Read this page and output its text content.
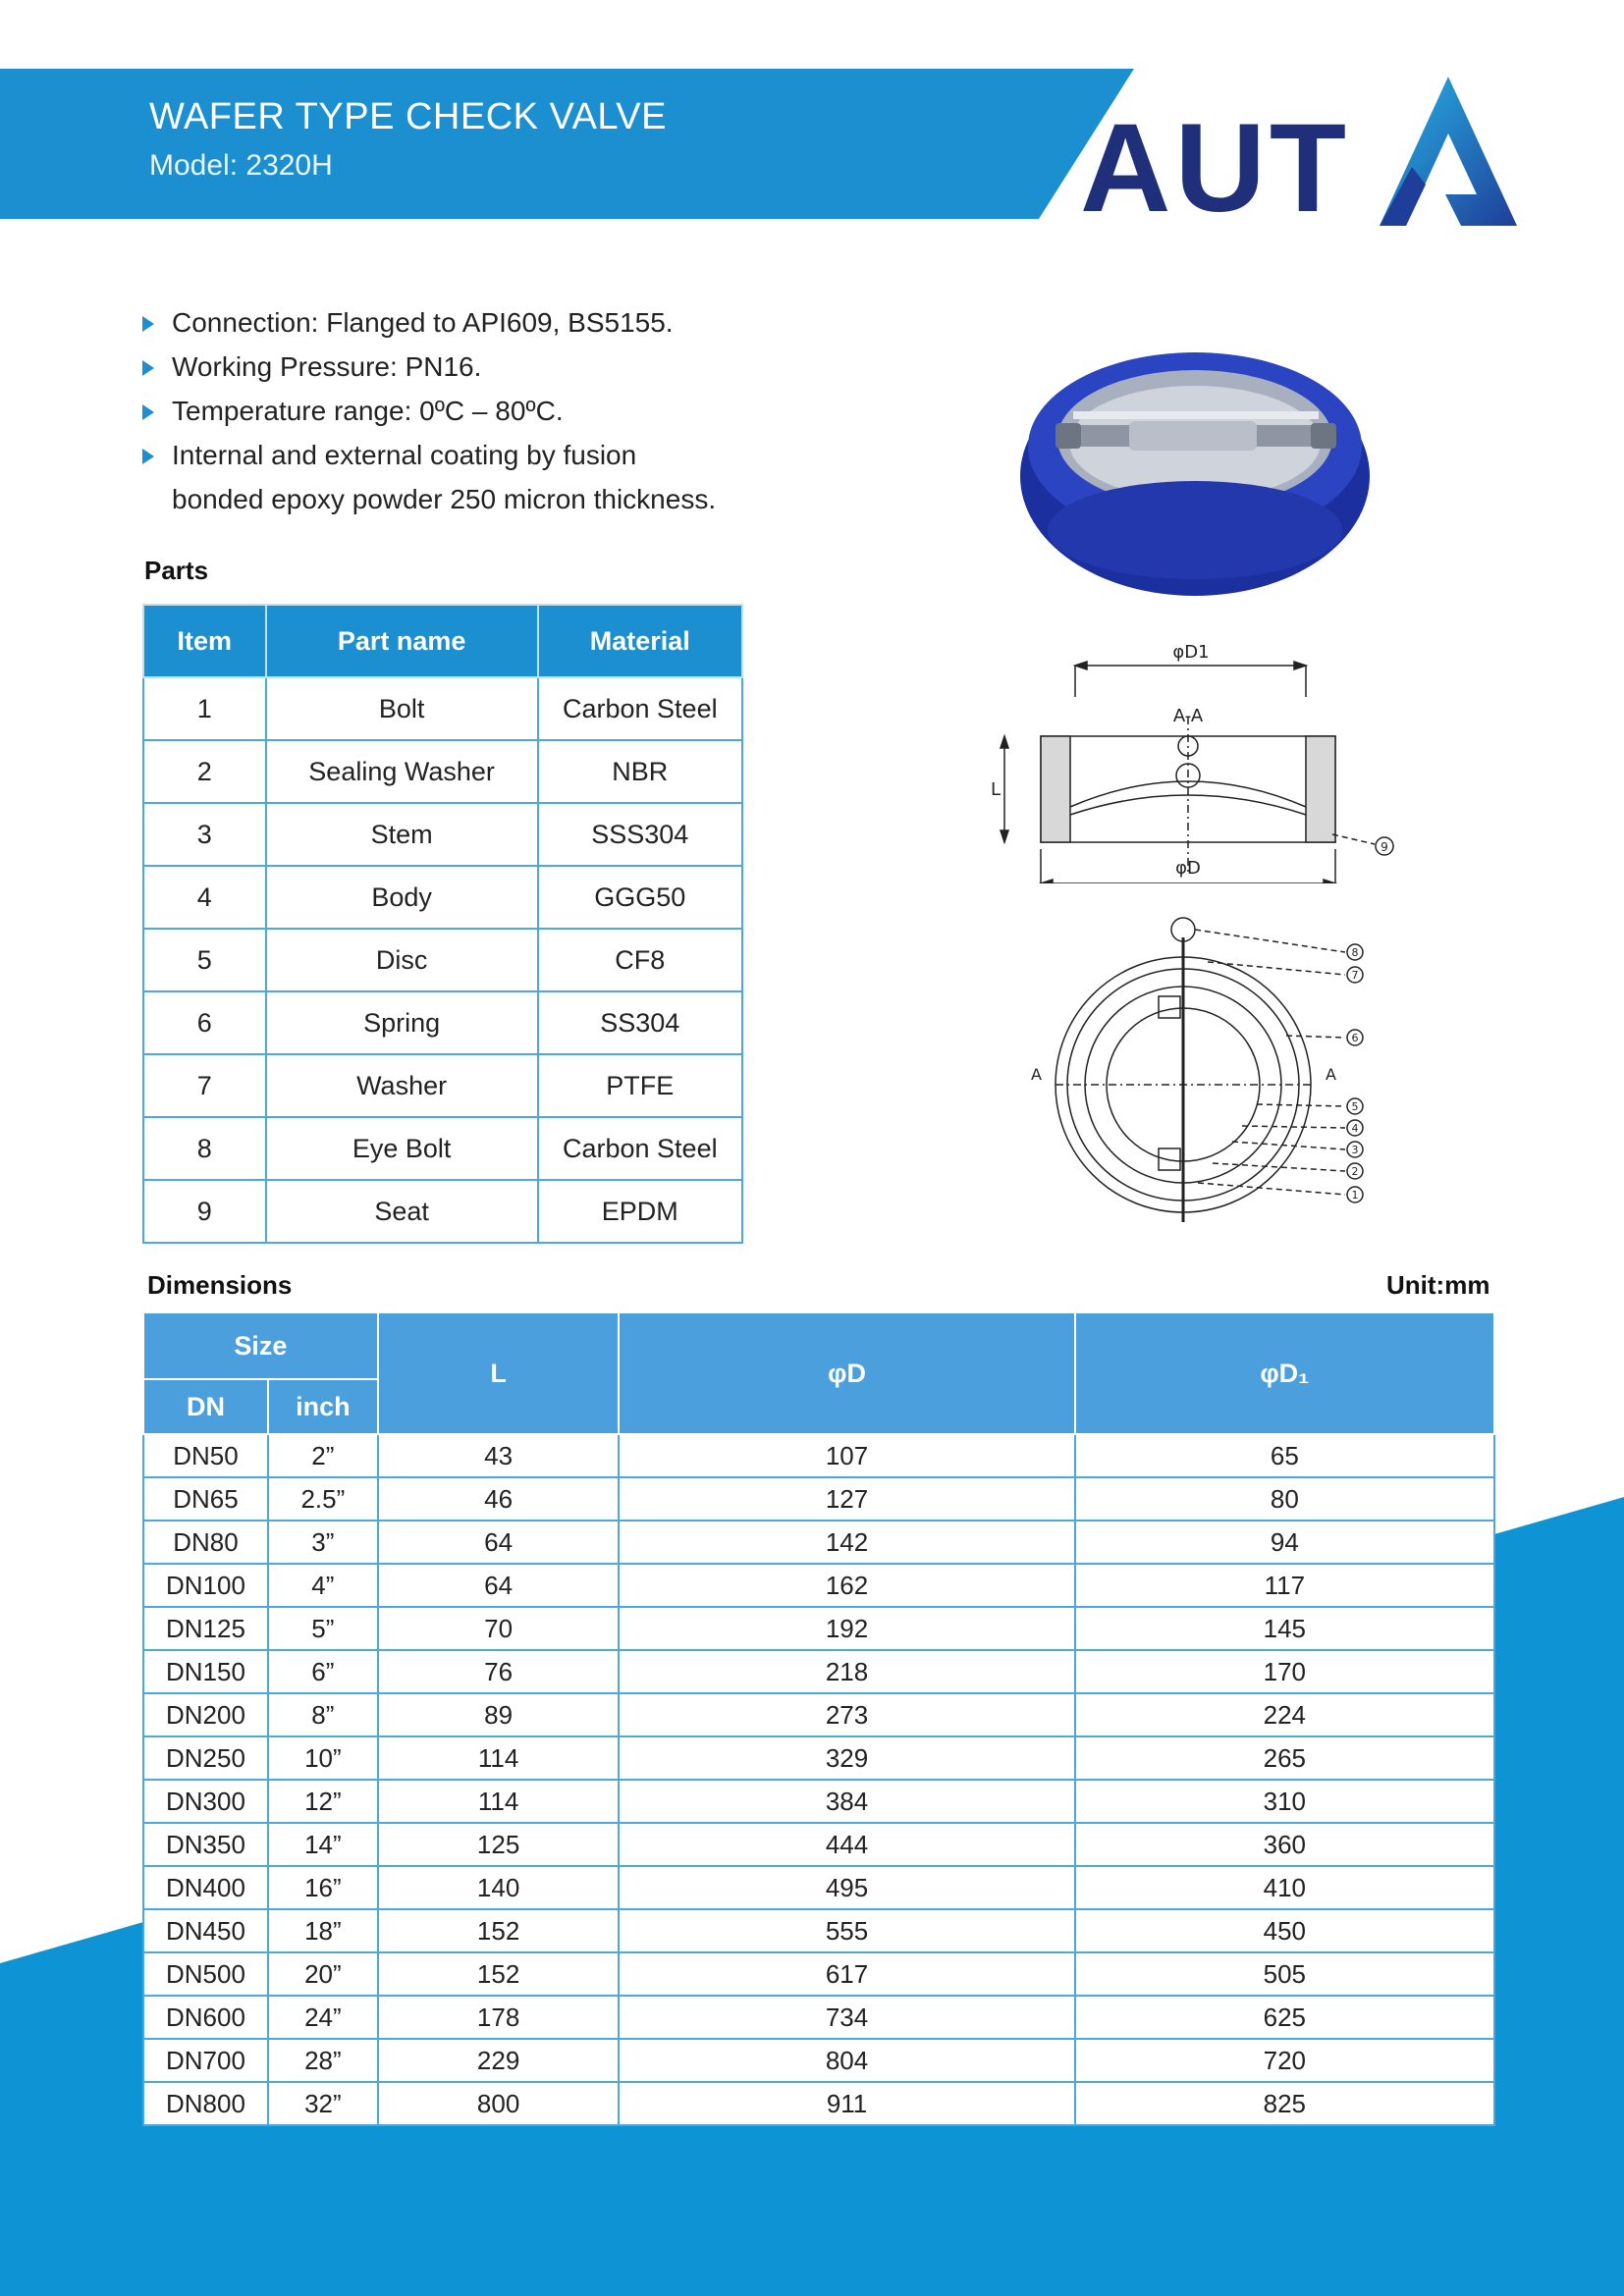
WAFER TYPE CHECK VALVE
Model: 2320H	AUT
Connection: Flanged to API609, BS5155.
Working Pressure: PN16.
Temperature range: 0ºC – 80ºC.
Internal and external coating by fusion
bonded epoxy powder 250 micron thickness.
Parts
Item	Part name	Material
1	Bolt	Carbon Steel
2	Sealing Washer	NBR
3	Stem	SSS304
4	Body	GGG50
5	Disc	CF8
6	Spring	SS304
7	Washer	PTFE
8	Eye Bolt	Carbon Steel
9	Seat	EPDM
φD1
A-A
L
φD
9
8
7
6
5
4
3
2
1
A	A
Dimensions	Unit:mm
Size		L	φD	φD₁
DN	inch			
DN50	2”	43	107	65
DN65	2.5”	46	127	80
DN80	3”	64	142	94
DN100	4”	64	162	117
DN125	5”	70	192	145
DN150	6”	76	218	170
DN200	8”	89	273	224
DN250	10”	114	329	265
DN300	12”	114	384	310
DN350	14”	125	444	360
DN400	16”	140	495	410
DN450	18”	152	555	450
DN500	20”	152	617	505
DN600	24”	178	734	625
DN700	28”	229	804	720
DN800	32”	800	911	825
